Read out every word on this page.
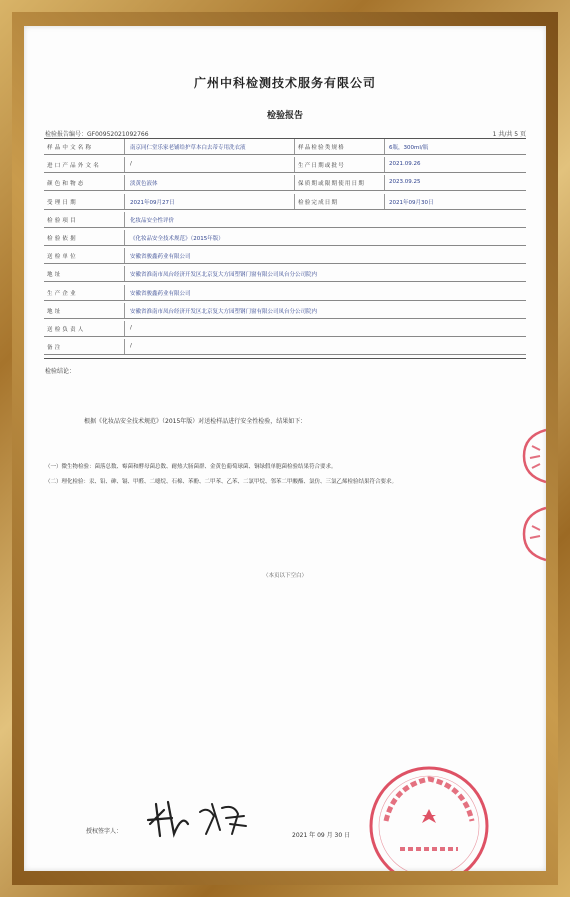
广州中科检测技术服务有限公司
检验报告
检验报告编号：GF0095202109276​6	1 共/共 5 页
样品中文名称	南京同仁堂乐家老铺给护草本白去蒂专用洗衣液	样品检验类规格	6瓶，300ml/瓶
进口产品外文名	/	生产日期或批号	2021.09.26
颜色和物态	淡黄色液体	保质期或限期使用日期	2023.09.25
受理日期	2021年09月27日	检验完成日期	2021年09月30日
检验项目	化妆品安全性评价
检验依据	《化妆品安全技术规范》（2015年版）
送检单位	安徽省骏鑫药业有限公司
地址	安徽省淮南市凤台经济开发区北京复大方园塑钢门窗有限公司凤台分公司院内
生产企业	安徽省骏鑫药业有限公司
地址	安徽省淮南市凤台经济开发区北京复大方园塑钢门窗有限公司凤台分公司院内
送检负责人	/
备注	/
检验结论：
根据《化妆品安全技术规范》（2015年版）对送检样品进行安全性检验，结果如下：
（一）微生物检验：菌落总数、霉菌和酵母菌总数、耐热大肠菌群、金黄色葡萄球菌、铜绿假单胞菌检验结果符合要求。
（二）理化检验：汞、铅、砷、镉、甲醛、二噁烷、石棉、苯酚、二甲苯、乙苯、二氯甲烷、邻苯二甲酸酯、氯仿、三氯乙烯检验结果符合要求。
（本页以下空白）
授权签字人：
2021 年 09 月 30 日
